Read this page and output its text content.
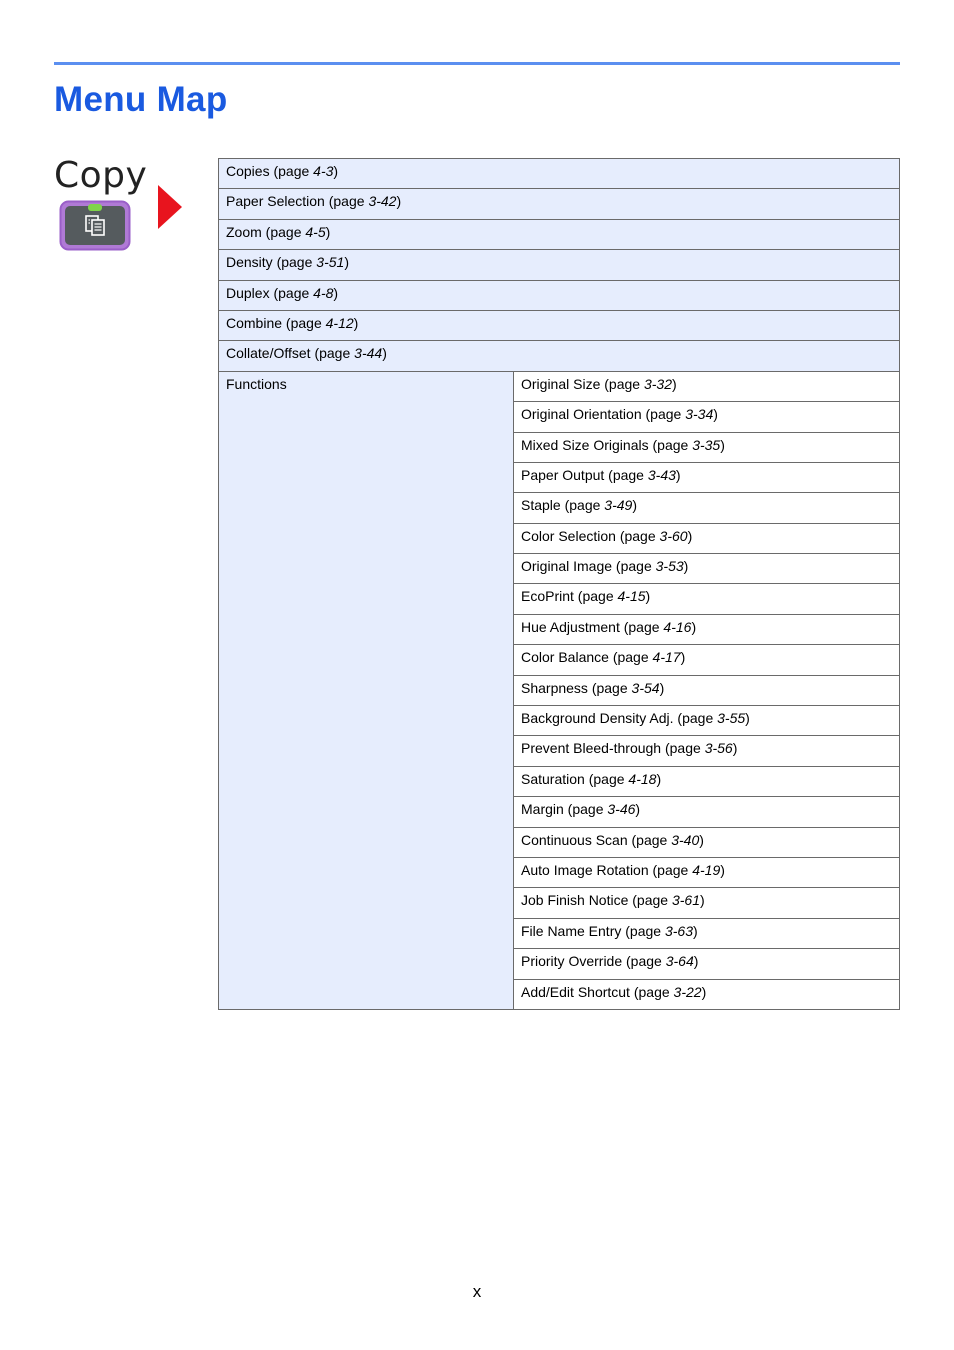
Menu Map
Copy	Copies (page 4-3)
Paper Selection (page 3-42)
Zoom (page 4-5)
Density (page 3-51)
Duplex (page 4-8)
Combine (page 4-12)
Collate/Offset (page 3-44)
Functions	Original Size (page 3-32)
Original Orientation (page 3-34)
Mixed Size Originals (page 3-35)
Paper Output (page 3-43)
Staple (page 3-49)
Color Selection (page 3-60)
Original Image (page 3-53)
EcoPrint (page 4-15)
Hue Adjustment (page 4-16)
Color Balance (page 4-17)
Sharpness (page 3-54)
Background Density Adj. (page 3-55)
Prevent Bleed-through (page 3-56)
Saturation (page 4-18)
Margin (page 3-46)
Continuous Scan (page 3-40)
Auto Image Rotation (page 4-19)
Job Finish Notice (page 3-61)
File Name Entry (page 3-63)
Priority Override (page 3-64)
Add/Edit Shortcut (page 3-22)
x
